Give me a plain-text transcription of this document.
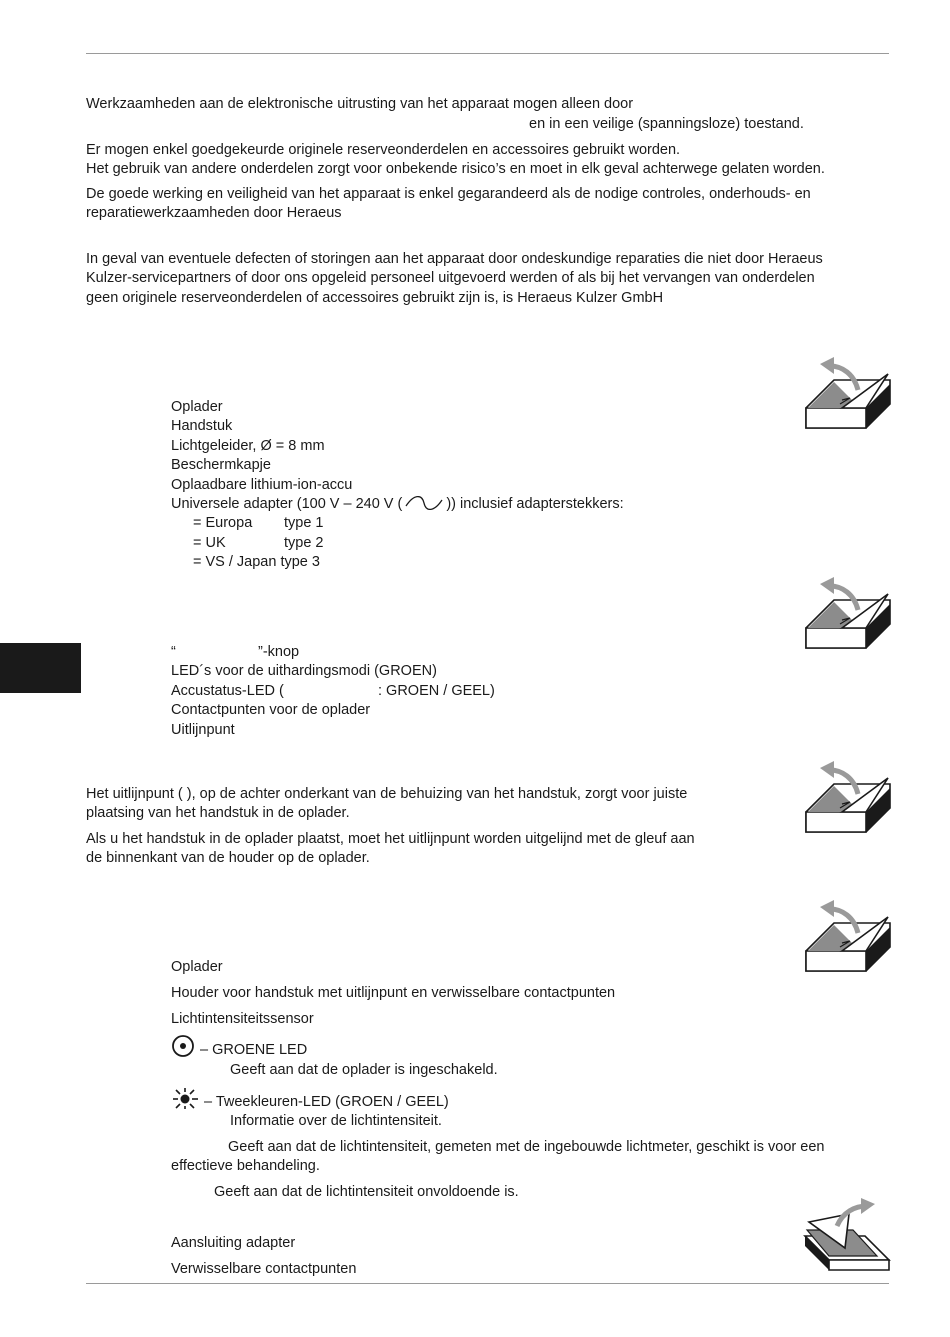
Werkzaamheden aan de elektronische uitrusting van het apparaat mogen alleen door
en in een veilige (spanningsloze) toestand.
Er mogen enkel goedgekeurde originele reserveonderdelen en accessoires gebruikt worden.
Het gebruik van andere onderdelen zorgt voor onbekende risico’s en moet in elk geval achterwege gelaten worden.
De goede werking en veiligheid van het apparaat is enkel gegarandeerd als de nodige controles, onderhouds- en
reparatiewerkzaamheden door Heraeus
In geval van eventuele defecten of storingen aan het apparaat door ondeskundige reparaties die niet door Heraeus
Kulzer-servicepartners of door ons opgeleid personeel uitgevoerd werden of als bij het vervangen van onderdelen
geen originele reserveonderdelen of accessoires gebruikt zijn is, is Heraeus Kulzer GmbH
Oplader
Handstuk
Lichtgeleider, Ø = 8 mm
Beschermkapje
Oplaadbare lithium-ion-accu
Universele adapter (100 V – 240 V (	)) inclusief adapterstekkers:
= Europa type 1
= UK	type 2
= VS / Japan type 3
“	”-knop
LED´s voor de uithardingsmodi (GROEN)
Accustatus-LED (	: GROEN / GEEL)
Contactpunten voor de oplader
Uitlijnpunt
Het uitlijnpunt ( ), op de achter onderkant van de behuizing van het handstuk, zorgt voor juiste
plaatsing van het handstuk in de oplader.
Als u het handstuk in de oplader plaatst, moet het uitlijnpunt worden uitgelijnd met de gleuf aan
de binnenkant van de houder op de oplader.
Oplader
Houder voor handstuk met uitlijnpunt en verwisselbare contactpunten
Lichtintensiteitssensor
– GROENE LED
Geeft aan dat de oplader is ingeschakeld.
– Tweekleuren-LED (GROEN / GEEL)
Informatie over de lichtintensiteit.
Geeft aan dat de lichtintensiteit, gemeten met de ingebouwde lichtmeter, geschikt is voor een
effectieve behandeling.
Geeft aan dat de lichtintensiteit onvoldoende is.
Aansluiting adapter
Verwisselbare contactpunten
